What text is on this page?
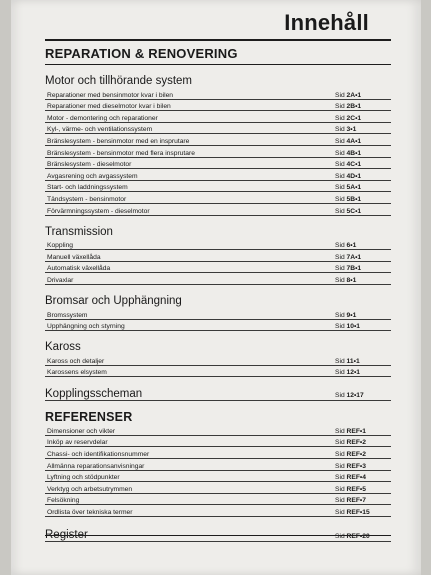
Innehåll
REPARATION & RENOVERING
Motor och tillhörande system
Reparationer med bensinmotor kvar i bilen	Sid 2A•1
Reparationer med dieselmotor kvar i bilen	Sid 2B•1
Motor - demontering och reparationer	Sid 2C•1
Kyl-, värme- och ventilationssystem	Sid 3•1
Bränslesystem - bensinmotor med en insprutare	Sid 4A•1
Bränslesystem - bensinmotor med flera insprutare	Sid 4B•1
Bränslesystem - dieselmotor	Sid 4C•1
Avgasrening och avgassystem	Sid 4D•1
Start- och laddningssystem	Sid 5A•1
Tändsystem - bensinmotor	Sid 5B•1
Förvärmningssystem - dieselmotor	Sid 5C•1
Transmission
Koppling	Sid 6•1
Manuell växellåda	Sid 7A•1
Automatisk växellåda	Sid 7B•1
Drivaxlar	Sid 8•1
Bromsar och Upphängning
Bromssystem	Sid 9•1
Upphängning och styrning	Sid 10•1
Kaross
Kaross och detaljer	Sid 11•1
Karossens elsystem	Sid 12•1
Kopplingsscheman	Sid 12•17
REFERENSER
Dimensioner och vikter	Sid REF•1
Inköp av reservdelar	Sid REF•2
Chassi- och identifikationsnummer	Sid REF•2
Allmänna reparationsanvisningar	Sid REF•3
Lyftning och stödpunkter	Sid REF•4
Verktyg och arbetsutrymmen	Sid REF•5
Felsökning	Sid REF•7
Ordlista över tekniska termer	Sid REF•15
Register	Sid REF•20
